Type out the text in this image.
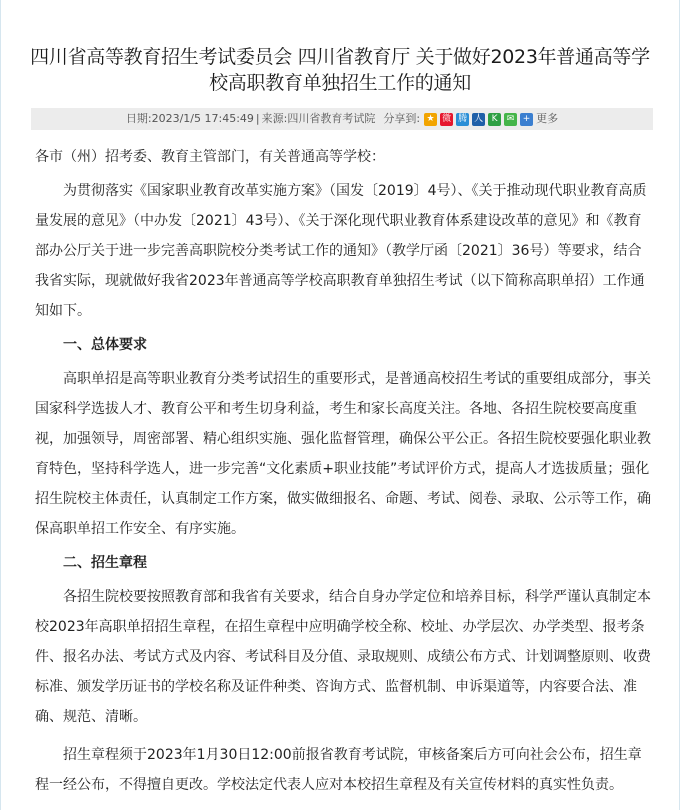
四川省高等教育招生考试委员会 四川省教育厅 关于做好2023年普通高等学
校高职教育单独招生工作的通知
日期:2023/1/5 17:45:49 | 来源:四川省教育考试院 分享到: ★ 微 腾 人 K	✉ + 更多

各市（州）招考委、教育主管部门，有关普通高等学校：

为贯彻落实《国家职业教育改革实施方案》（国发〔2019〕4号）、《关于推动现代职业教育高质量发展的意见》（中办发〔2021〕43号）、《关于深化现代职业教育体系建设改革的意见》和《教育部办公厅关于进一步完善高职院校分类考试工作的通知》（教学厅函〔2021〕36号）等要求，结合我省实际，现就做好我省2023年普通高等学校高职教育单独招生考试（以下简称高职单招）工作通知如下。

一、总体要求

高职单招是高等职业教育分类考试招生的重要形式，是普通高校招生考试的重要组成部分，事关国家科学选拔人才、教育公平和考生切身利益，考生和家长高度关注。各地、各招生院校要高度重视，加强领导，周密部署、精心组织实施、强化监督管理，确保公平公正。各招生院校要强化职业教育特色，坚持科学选人，进一步完善“文化素质+职业技能”考试评价方式，提高人才选拔质量；强化招生院校主体责任，认真制定工作方案，做实做细报名、命题、考试、阅卷、录取、公示等工作，确保高职单招工作安全、有序实施。

二、招生章程

各招生院校要按照教育部和我省有关要求，结合自身办学定位和培养目标，科学严谨认真制定本校2023年高职单招招生章程，在招生章程中应明确学校全称、校址、办学层次、办学类型、报考条件、报名办法、考试方式及内容、考试科目及分值、录取规则、成绩公布方式、计划调整原则、收费标准、颁发学历证书的学校名称及证件种类、咨询方式、监督机制、申诉渠道等，内容要合法、准确、规范、清晰。

招生章程须于2023年1月30日12:00前报省教育考试院，审核备案后方可向社会公布，招生章程一经公布，不得擅自更改。学校法定代表人应对本校招生章程及有关宣传材料的真实性负责。
